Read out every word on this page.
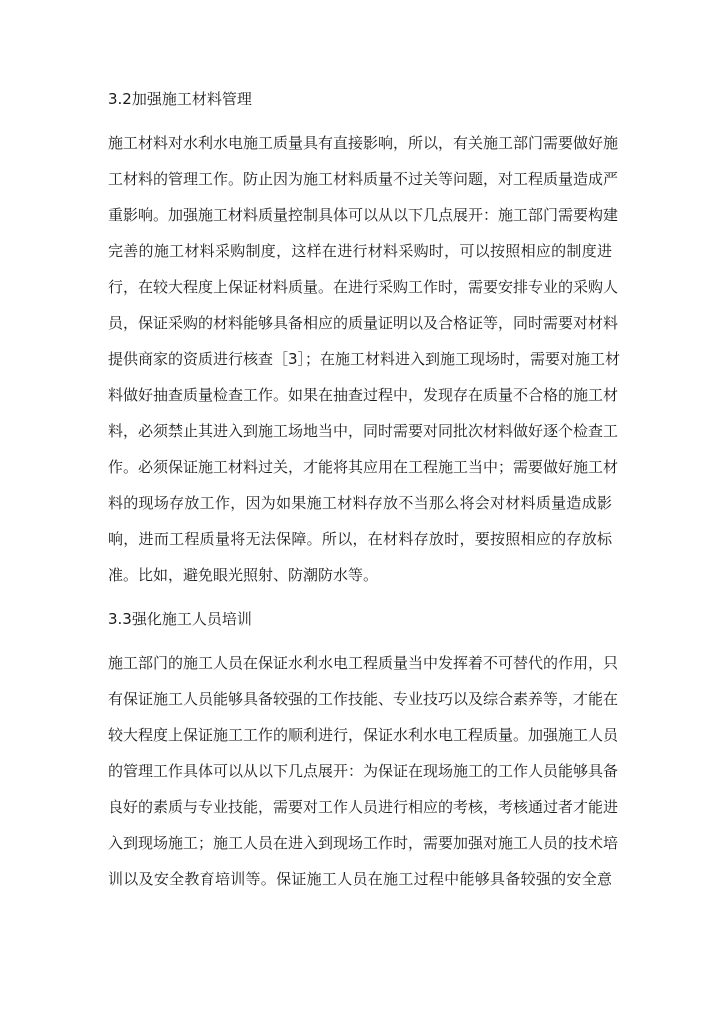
3.2加强施工材料管理
施工材料对水利水电施工质量具有直接影响，所以，有关施工部门需要做好施
工材料的管理工作。防止因为施工材料质量不过关等问题，对工程质量造成严
重影响。加强施工材料质量控制具体可以从以下几点展开：施工部门需要构建
完善的施工材料采购制度，这样在进行材料采购时，可以按照相应的制度进
行，在较大程度上保证材料质量。在进行采购工作时，需要安排专业的采购人
员，保证采购的材料能够具备相应的质量证明以及合格证等，同时需要对材料
提供商家的资质进行核查［3］；在施工材料进入到施工现场时，需要对施工材
料做好抽查质量检查工作。如果在抽查过程中，发现存在质量不合格的施工材
料，必须禁止其进入到施工场地当中，同时需要对同批次材料做好逐个检查工
作。必须保证施工材料过关，才能将其应用在工程施工当中；需要做好施工材
料的现场存放工作，因为如果施工材料存放不当那么将会对材料质量造成影
响，进而工程质量将无法保障。所以，在材料存放时，要按照相应的存放标
准。比如，避免眼光照射、防潮防水等。
3.3强化施工人员培训
施工部门的施工人员在保证水利水电工程质量当中发挥着不可替代的作用，只
有保证施工人员能够具备较强的工作技能、专业技巧以及综合素养等，才能在
较大程度上保证施工工作的顺利进行，保证水利水电工程质量。加强施工人员
的管理工作具体可以从以下几点展开：为保证在现场施工的工作人员能够具备
良好的素质与专业技能，需要对工作人员进行相应的考核，考核通过者才能进
入到现场施工；施工人员在进入到现场工作时，需要加强对施工人员的技术培
训以及安全教育培训等。保证施工人员在施工过程中能够具备较强的安全意
